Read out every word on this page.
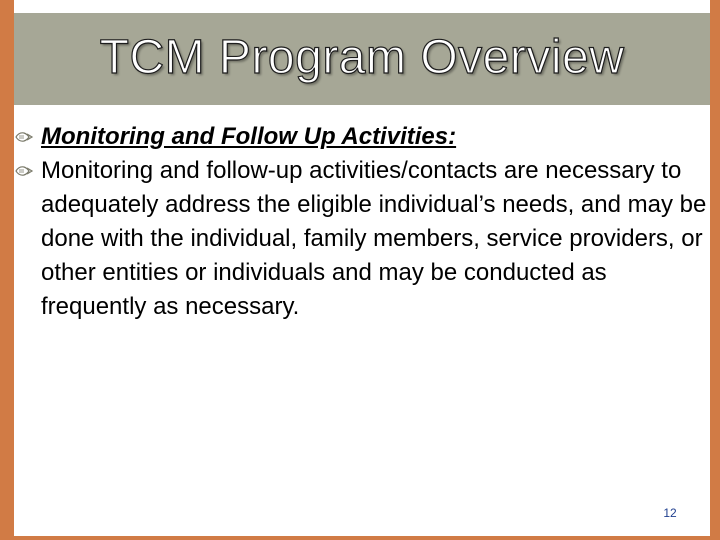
TCM Program Overview
Monitoring and Follow Up Activities:
Monitoring and follow-up activities/contacts are necessary to adequately address the eligible individual’s needs, and may be done with the individual, family members, service providers, or other entities or individuals and may be conducted as frequently as necessary.
12
